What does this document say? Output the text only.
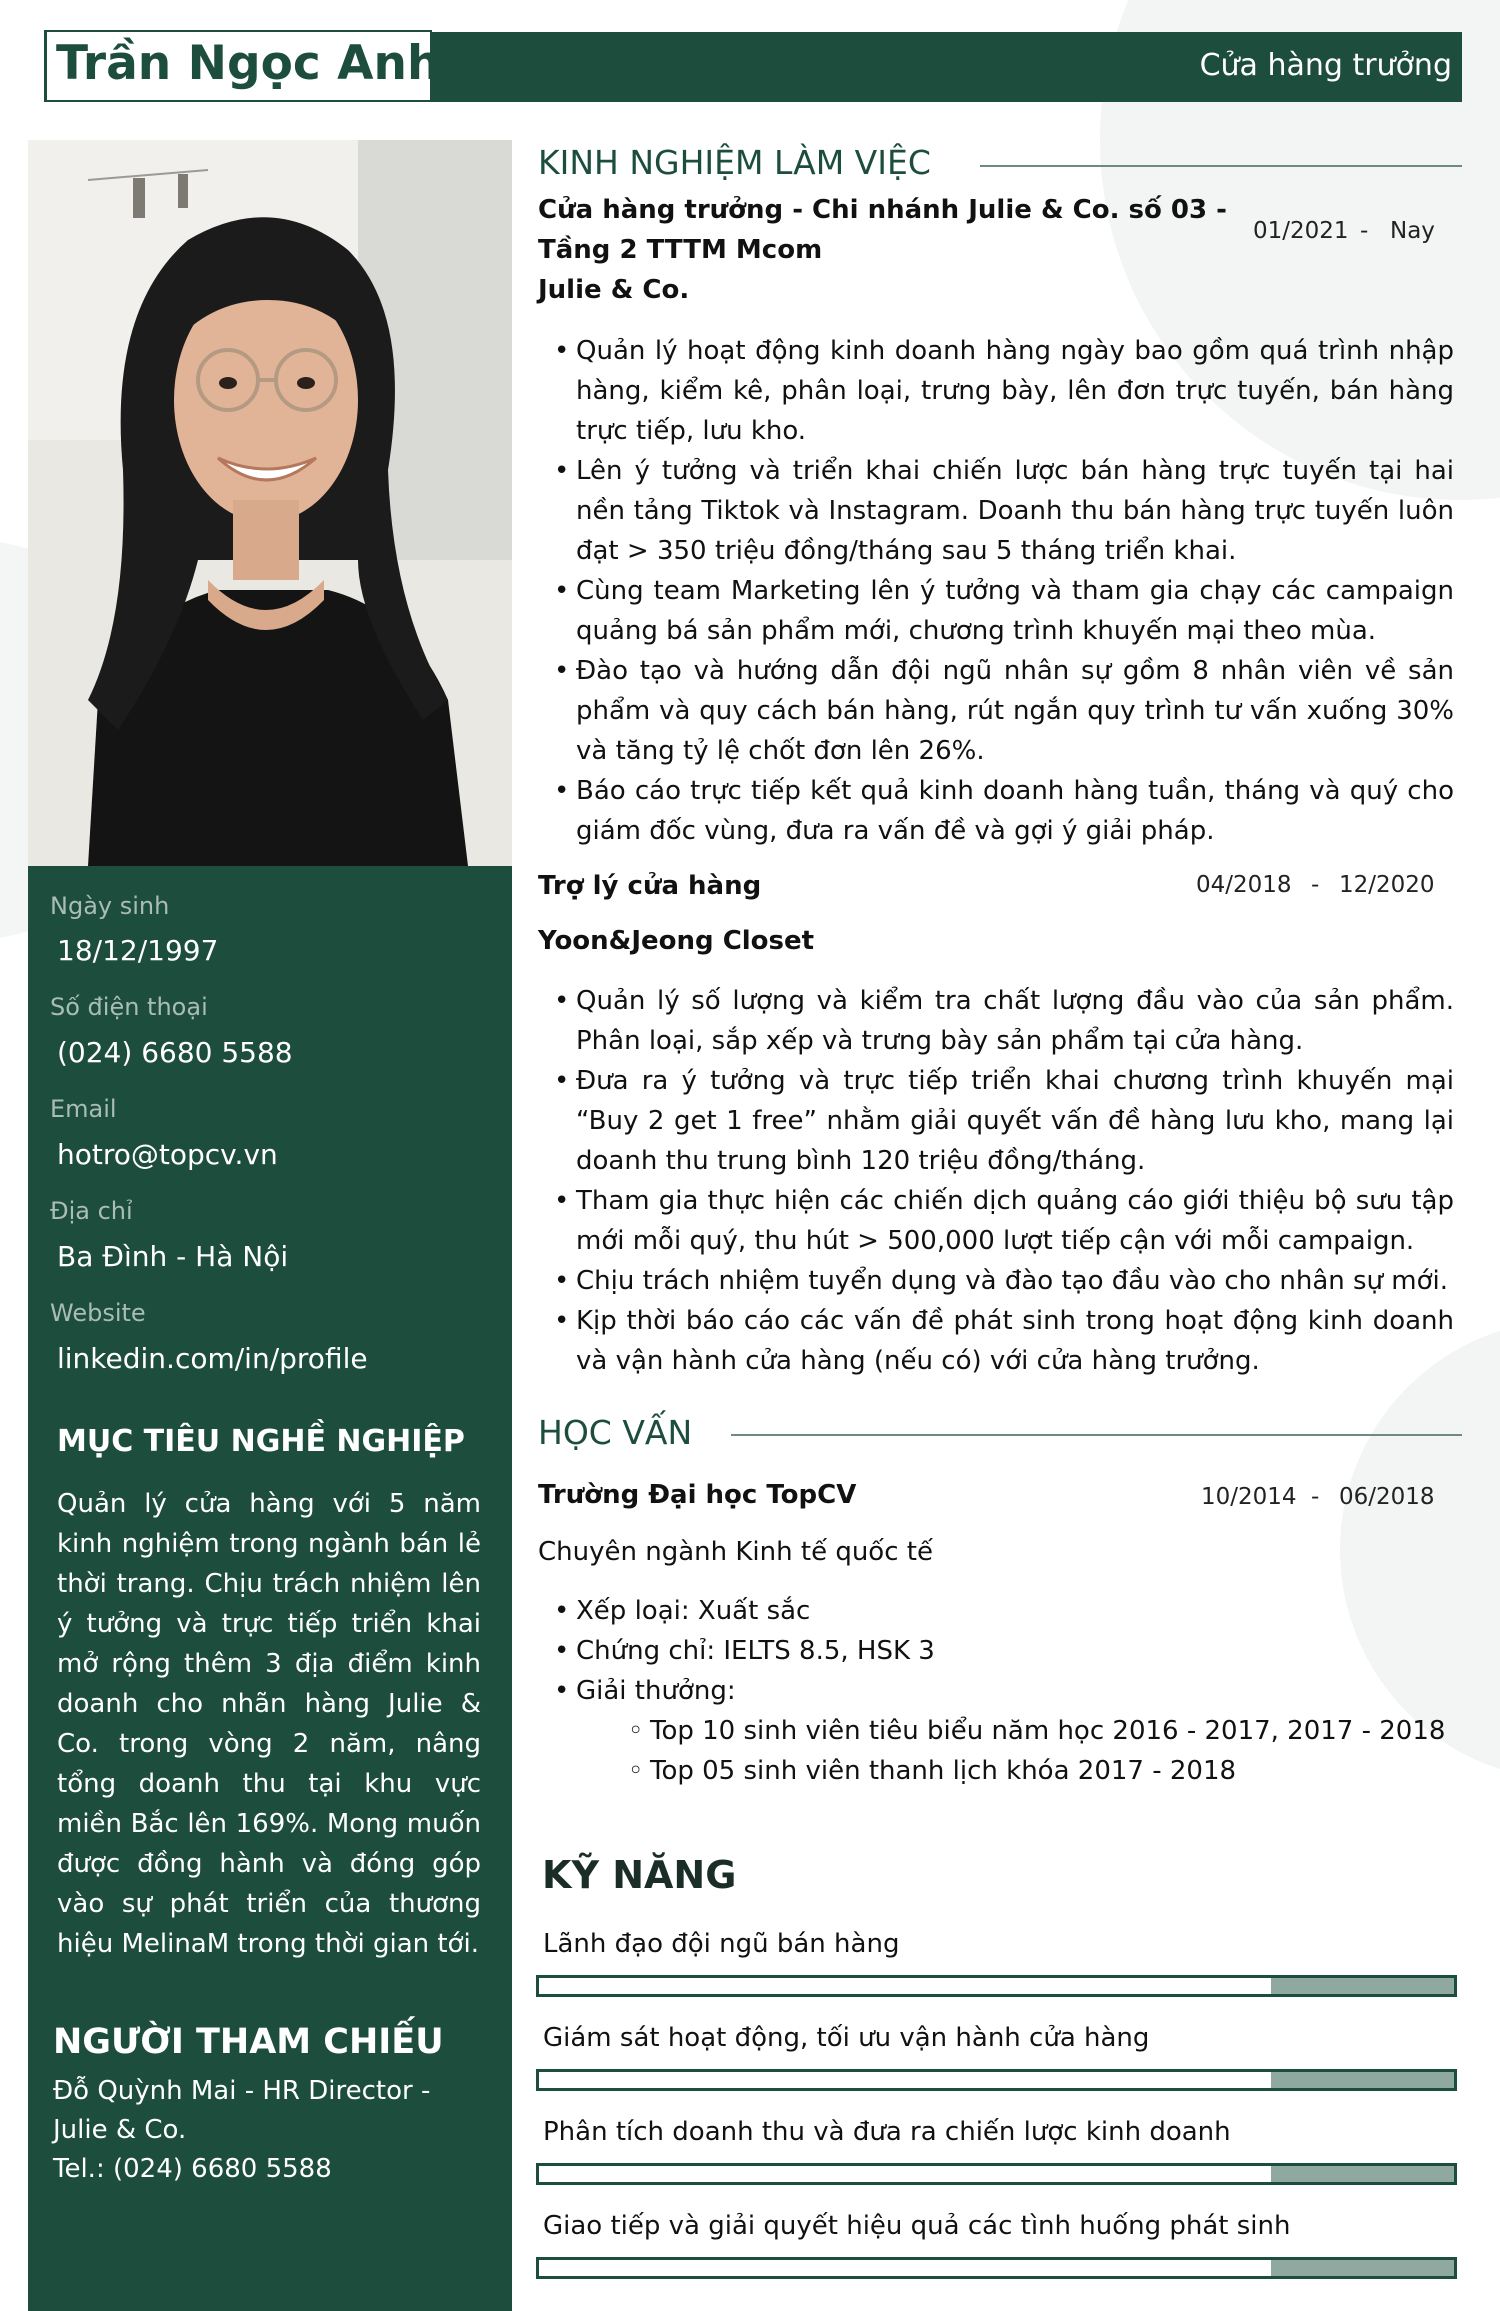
Trần Ngọc Anh	Cửa hàng trưởng
Ngày sinh
18/12/1997
Số điện thoại
(024) 6680 5588
Email
hotro@topcv.vn
Địa chỉ
Ba Đình - Hà Nội
Website
linkedin.com/in/profile
MỤC TIÊU NGHỀ NGHIỆP
Quản lý cửa hàng với 5 năm kinh nghiệm trong ngành bán lẻ thời trang. Chịu trách nhiệm lên ý tưởng và trực tiếp triển khai mở rộng thêm 3 địa điểm kinh doanh cho nhãn hàng Julie & Co. trong vòng 2 năm, nâng tổng doanh thu tại khu vực miền Bắc lên 169%. Mong muốn được đồng hành và đóng góp vào sự phát triển của thương hiệu MelinaM trong thời gian tới.
NGƯỜI THAM CHIẾU
Đỗ Quỳnh Mai - HR Director -
Julie & Co.
Tel.: (024) 6680 5588
KINH NGHIỆM LÀM VIỆC
Cửa hàng trưởng - Chi nhánh Julie & Co. số 03 -
Tầng 2 TTTM Mcom
01/2021 - Nay
Julie & Co.
• Quản lý hoạt động kinh doanh hàng ngày bao gồm quá trình nhập hàng, kiểm kê, phân loại, trưng bày, lên đơn trực tuyến, bán hàng trực tiếp, lưu kho.
• Lên ý tưởng và triển khai chiến lược bán hàng trực tuyến tại hai nền tảng Tiktok và Instagram. Doanh thu bán hàng trực tuyến luôn đạt > 350 triệu đồng/tháng sau 5 tháng triển khai.
• Cùng team Marketing lên ý tưởng và tham gia chạy các campaign quảng bá sản phẩm mới, chương trình khuyến mại theo mùa.
• Đào tạo và hướng dẫn đội ngũ nhân sự gồm 8 nhân viên về sản phẩm và quy cách bán hàng, rút ngắn quy trình tư vấn xuống 30% và tăng tỷ lệ chốt đơn lên 26%.
• Báo cáo trực tiếp kết quả kinh doanh hàng tuần, tháng và quý cho giám đốc vùng, đưa ra vấn đề và gợi ý giải pháp.
Trợ lý cửa hàng	04/2018 - 12/2020
Yoon&Jeong Closet
• Quản lý số lượng và kiểm tra chất lượng đầu vào của sản phẩm. Phân loại, sắp xếp và trưng bày sản phẩm tại cửa hàng.
• Đưa ra ý tưởng và trực tiếp triển khai chương trình khuyến mại “Buy 2 get 1 free” nhằm giải quyết vấn đề hàng lưu kho, mang lại doanh thu trung bình 120 triệu đồng/tháng.
• Tham gia thực hiện các chiến dịch quảng cáo giới thiệu bộ sưu tập mới mỗi quý, thu hút > 500,000 lượt tiếp cận với mỗi campaign.
• Chịu trách nhiệm tuyển dụng và đào tạo đầu vào cho nhân sự mới.
• Kịp thời báo cáo các vấn đề phát sinh trong hoạt động kinh doanh và vận hành cửa hàng (nếu có) với cửa hàng trưởng.
HỌC VẤN
Trường Đại học TopCV	10/2014 - 06/2018
Chuyên ngành Kinh tế quốc tế
• Xếp loại: Xuất sắc
• Chứng chỉ: IELTS 8.5, HSK 3
• Giải thưởng:
◦ Top 10 sinh viên tiêu biểu năm học 2016 - 2017, 2017 - 2018
◦ Top 05 sinh viên thanh lịch khóa 2017 - 2018
KỸ NĂNG
Lãnh đạo đội ngũ bán hàng
Giám sát hoạt động, tối ưu vận hành cửa hàng
Phân tích doanh thu và đưa ra chiến lược kinh doanh
Giao tiếp và giải quyết hiệu quả các tình huống phát sinh
